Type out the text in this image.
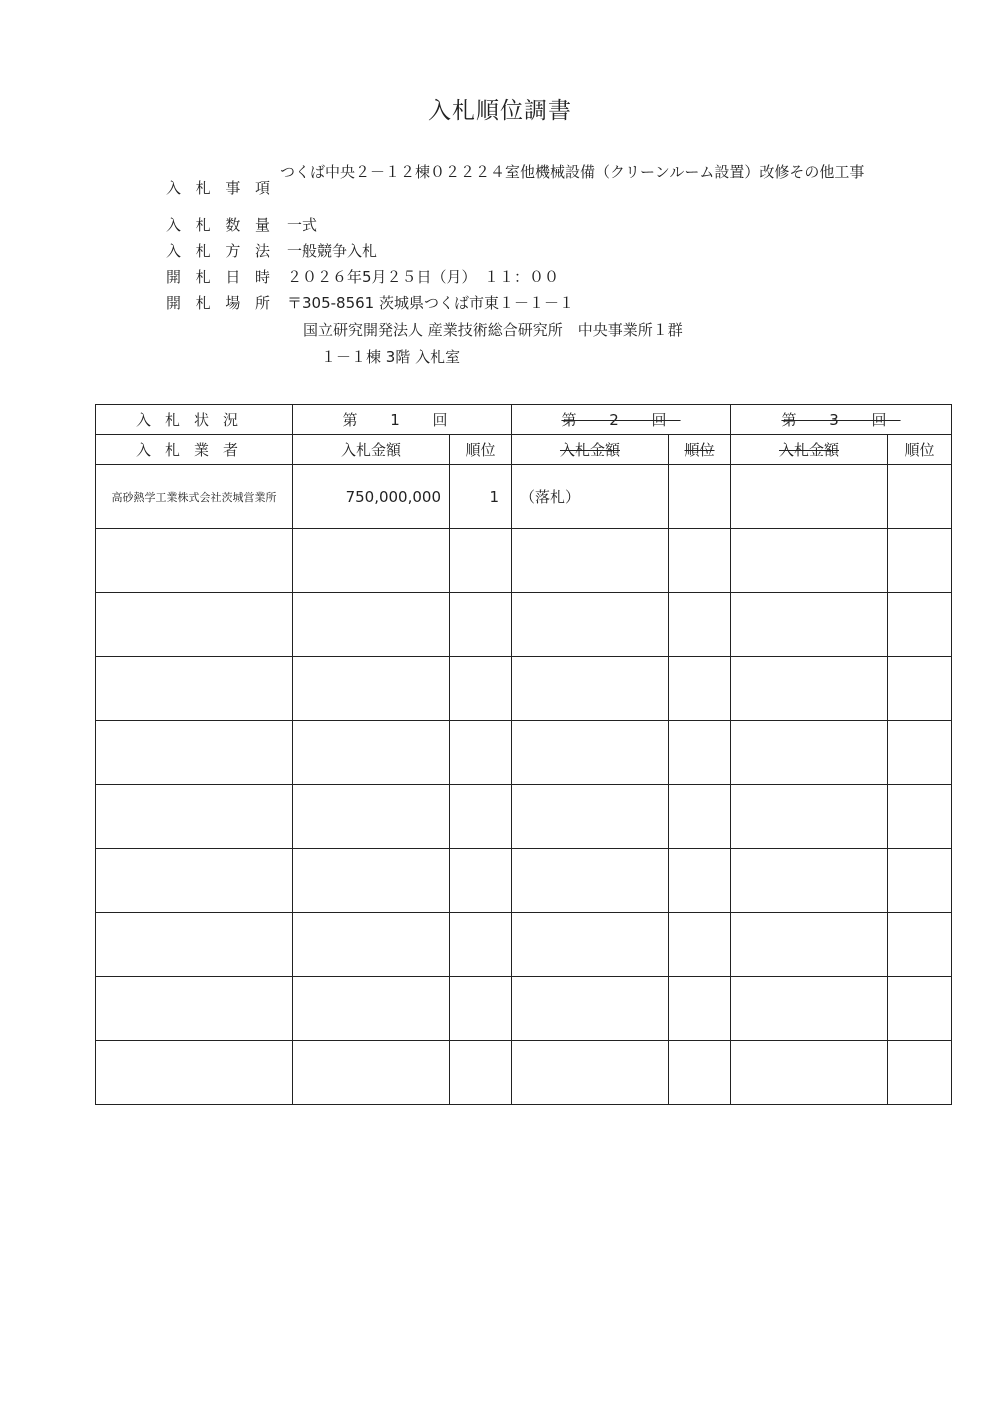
入札順位調書
入 札 事 項
つくば中央２－１２棟０２２２４室他機械設備（クリーンルーム設置）改修その他工事
入 札 数 量 一式
入 札 方 法 一般競争入札
開 札 日 時 ２０２６年5月２５日（月）　１１：００
開 札 場 所 〒305-8561 茨城県つくば市東１－１－１
国立研究開発法人 産業技術総合研究所　中央事業所１群
１－１棟 3階 入札室
入札状況	第 1 回		第 2 回		第 3 回	
入札業者	入札金額	順位	入札金額	順位	入札金額	順位
高砂熱学工業株式会社茨城営業所	750,000,000	1	（落札）			
